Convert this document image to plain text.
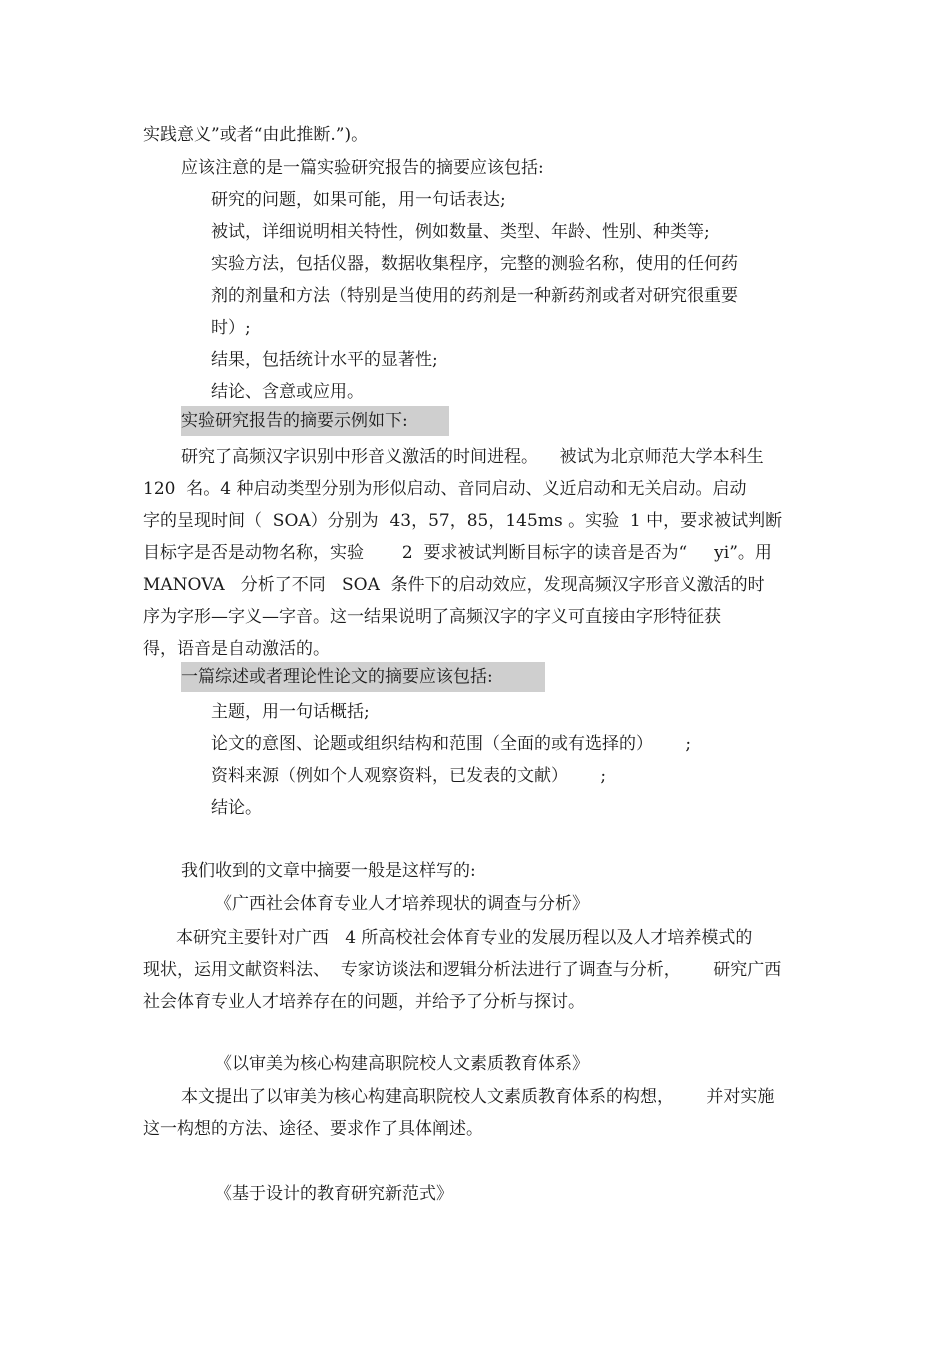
实践意义”或者“由此推断.”)。
应该注意的是一篇实验研究报告的摘要应该包括:
研究的问题，如果可能，用一句话表达;
被试，详细说明相关特性，例如数量、类型、年龄、性别、种类等;
实验方法，包括仪器，数据收集程序，完整的测验名称，使用的任何药
剂的剂量和方法（特别是当使用的药剂是一种新药剂或者对研究很重要
时）;
结果，包括统计水平的显著性;
结论、含意或应用。
实验研究报告的摘要示例如下:
研究了高频汉字识别中形音义激活的时间进程。    被试为北京师范大学本科生
120  名。4 种启动类型分别为形似启动、音同启动、义近启动和无关启动。启动
字的呈现时间（  SOA）分别为  43，57，85，145ms 。实验  1 中，要求被试判断
目标字是否是动物名称，实验       2  要求被试判断目标字的读音是否为“     yi”。用
MANOVA   分析了不同   SOA  条件下的启动效应，发现高频汉字形音义激活的时
序为字形—字义—字音。这一结果说明了高频汉字的字义可直接由字形特征获
得，语音是自动激活的。
一篇综述或者理论性论文的摘要应该包括:
主题，用一句话概括;
论文的意图、论题或组织结构和范围（全面的或有选择的）      ;
资料来源（例如个人观察资料，已发表的文献）      ;
结论。
我们收到的文章中摘要一般是这样写的:
《广西社会体育专业人才培养现状的调查与分析》
本研究主要针对广西   4 所高校社会体育专业的发展历程以及人才培养模式的
现状，运用文献资料法、  专家访谈法和逻辑分析法进行了调查与分析，      研究广西
社会体育专业人才培养存在的问题，并给予了分析与探讨。
《以审美为核心构建高职院校人文素质教育体系》
本文提出了以审美为核心构建高职院校人文素质教育体系的构想，      并对实施
这一构想的方法、途径、要求作了具体阐述。
《基于设计的教育研究新范式》
